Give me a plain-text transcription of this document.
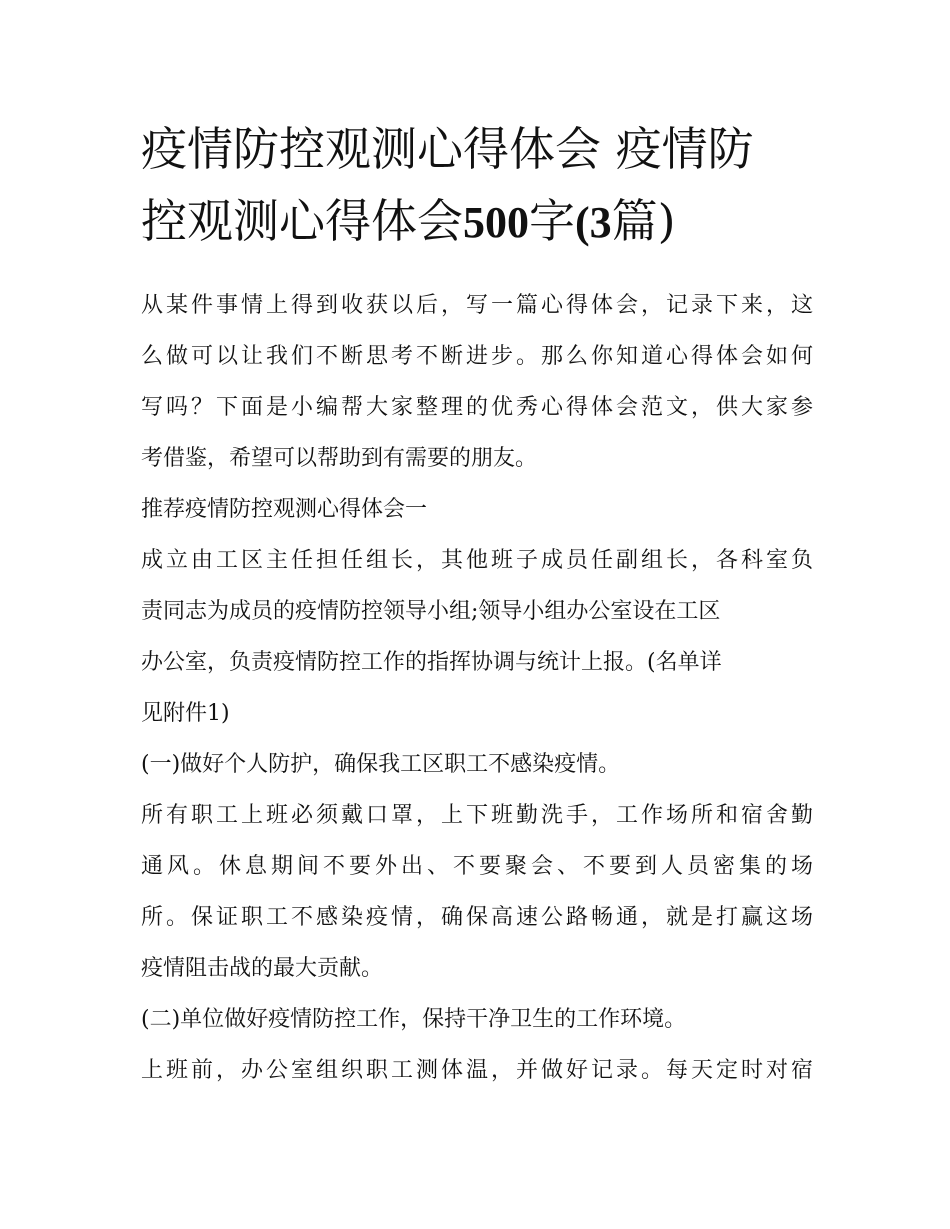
疫情防控观测心得体会 疫情防
控观测心得体会500字(3篇)
从某件事情上得到收获以后，写一篇心得体会，记录下来，这
么做可以让我们不断思考不断进步。那么你知道心得体会如何
写吗？下面是小编帮大家整理的优秀心得体会范文，供大家参
考借鉴，希望可以帮助到有需要的朋友。
推荐疫情防控观测心得体会一
成立由工区主任担任组长，其他班子成员任副组长，各科室负
责同志为成员的疫情防控领导小组;领导小组办公室设在工区
办公室，负责疫情防控工作的指挥协调与统计上报。(名单详
见附件1)
(一)做好个人防护，确保我工区职工不感染疫情。
所有职工上班必须戴口罩，上下班勤洗手，工作场所和宿舍勤
通风。休息期间不要外出、不要聚会、不要到人员密集的场
所。保证职工不感染疫情，确保高速公路畅通，就是打赢这场
疫情阻击战的最大贡献。
(二)单位做好疫情防控工作，保持干净卫生的工作环境。
上班前，办公室组织职工测体温，并做好记录。每天定时对宿
